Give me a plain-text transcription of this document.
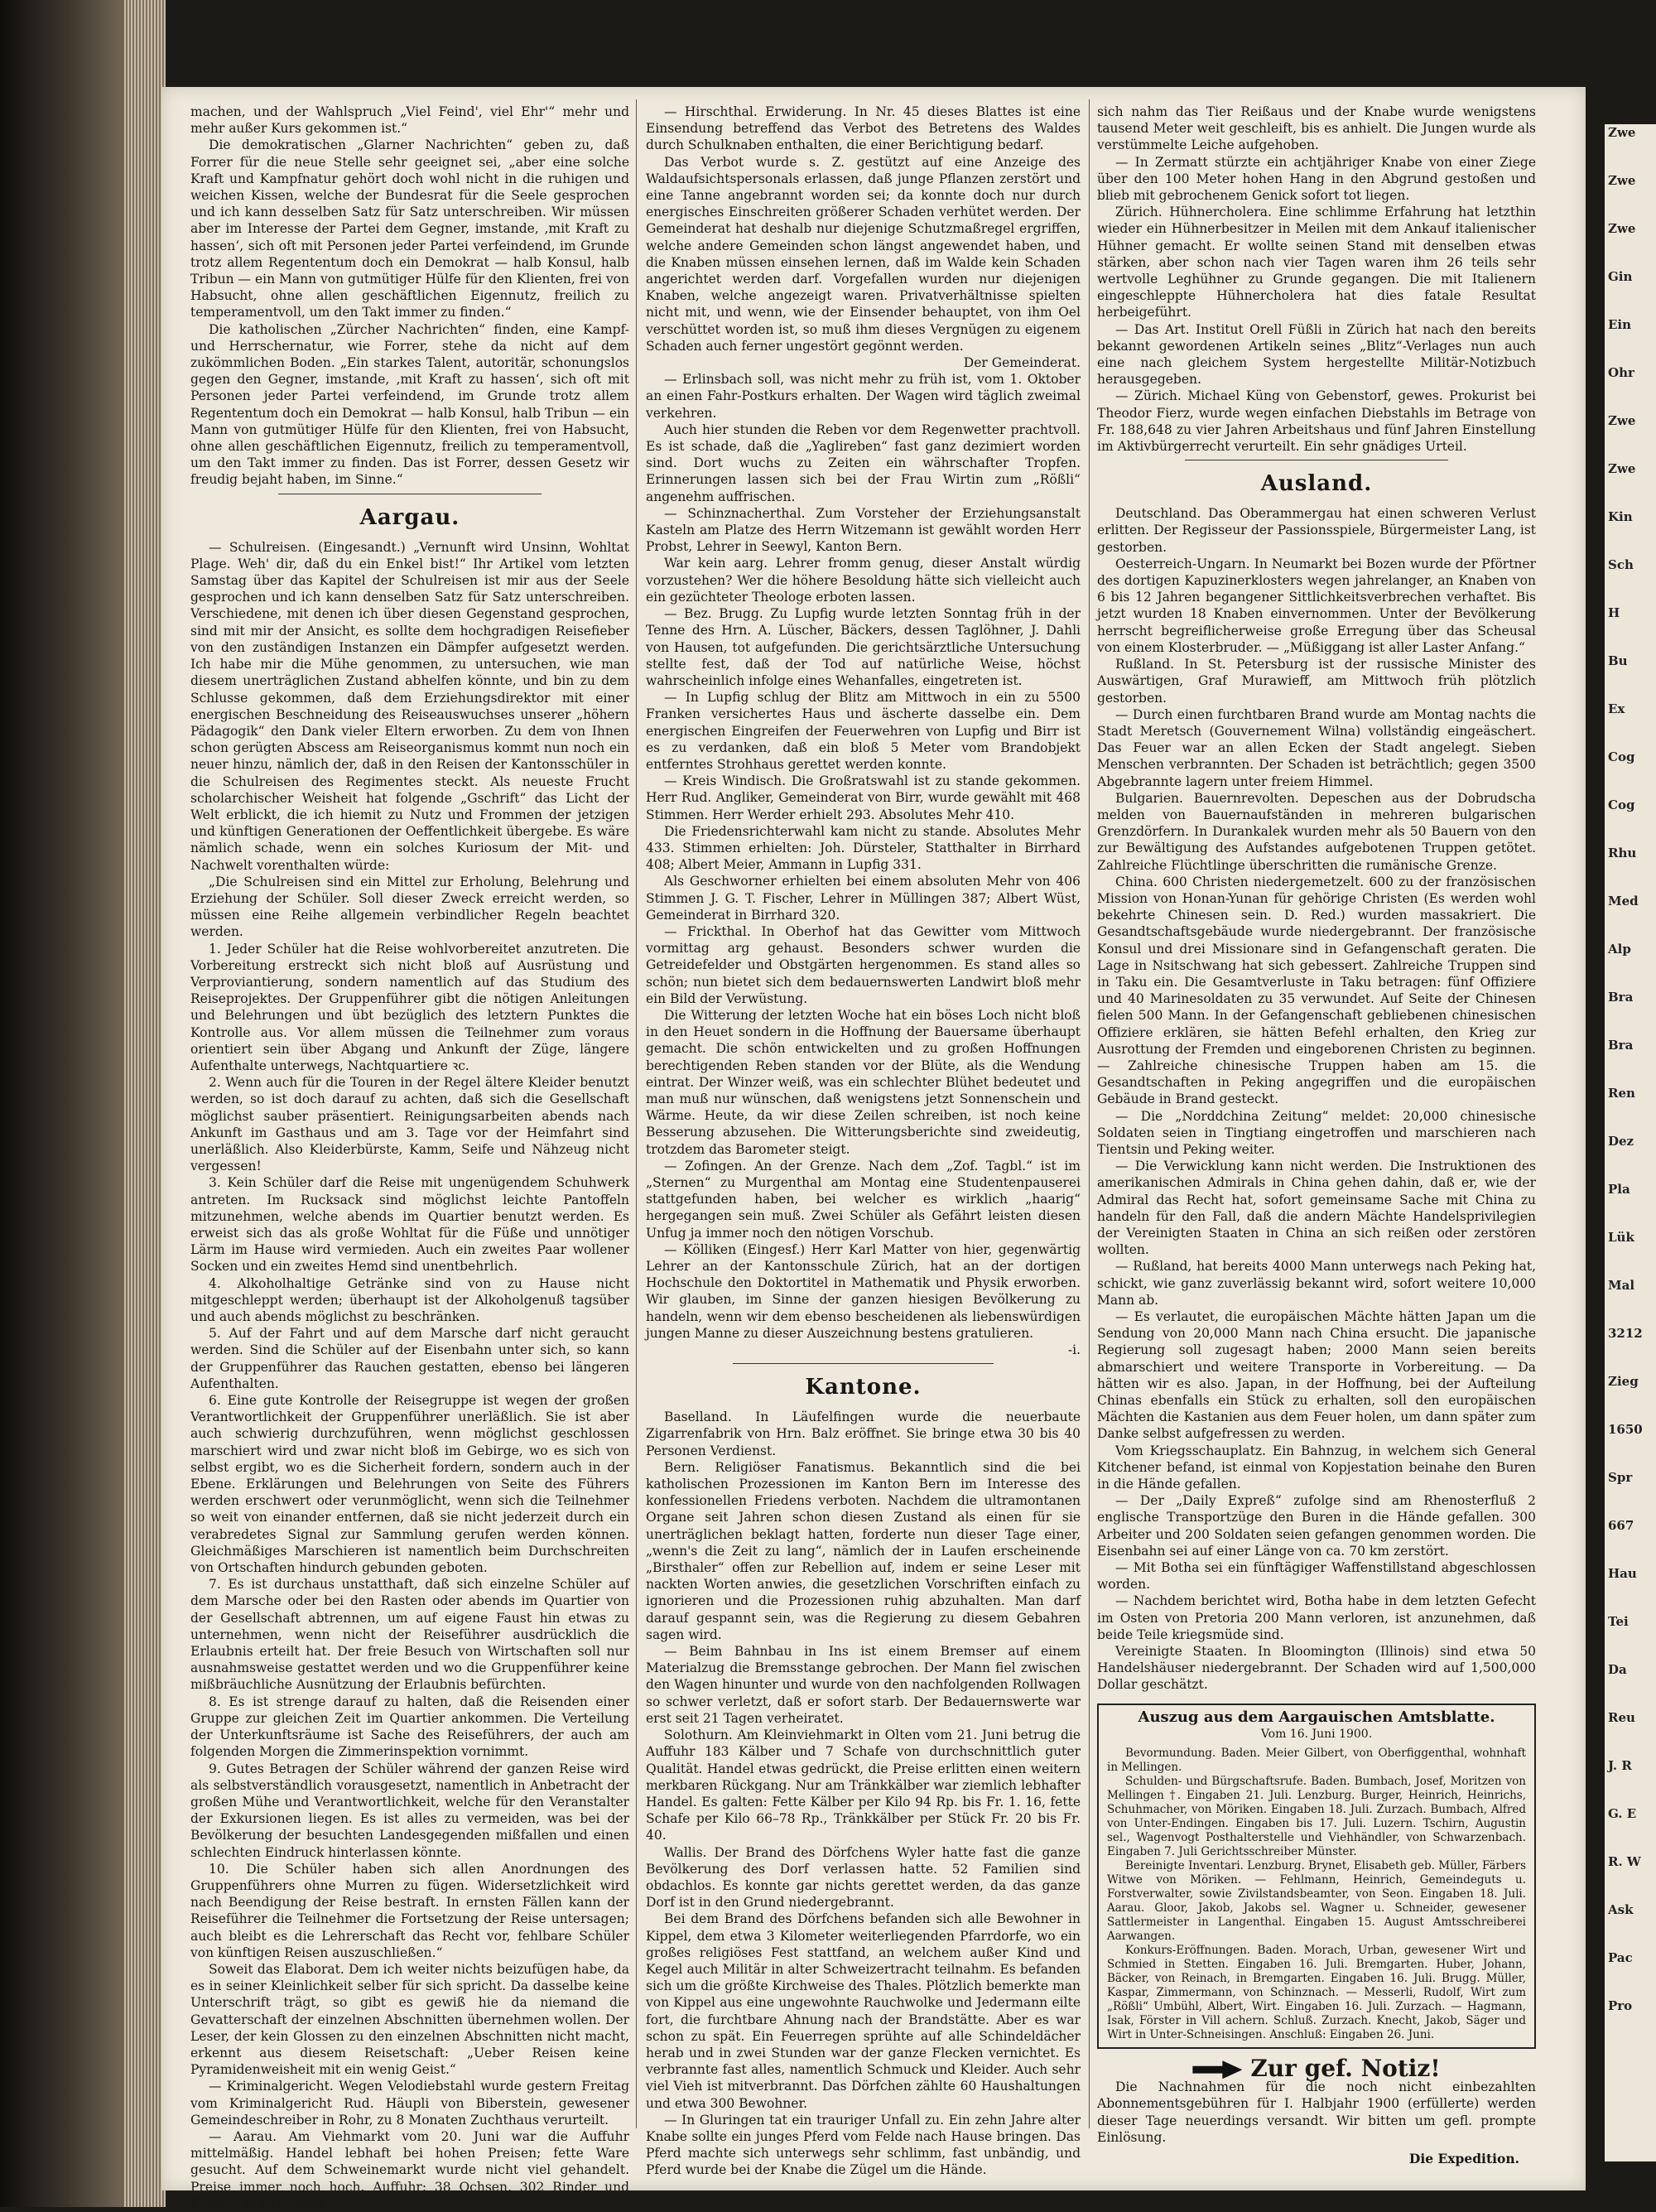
machen, und der Wahlspruch „Viel Feind', viel Ehr'“ mehr und mehr außer Kurs gekommen ist.“

Die demokratischen „Glarner Nachrichten“ geben zu, daß Forrer für die neue Stelle sehr geeignet sei, „aber eine solche Kraft und Kampfnatur gehört doch wohl nicht in die ruhigen und weichen Kissen, welche der Bundesrat für die Seele gesprochen und ich kann desselben Satz für Satz unterschreiben. Wir müssen aber im Interesse der Partei dem Gegner, imstande, ‚mit Kraft zu hassen‘, sich oft mit Personen jeder Partei verfeindend, im Grunde trotz allem Regententum doch ein Demokrat — halb Konsul, halb Tribun — ein Mann von gutmütiger Hülfe für den Klienten, frei von Habsucht, ohne allen geschäftlichen Eigennutz, freilich zu temperamentvoll, um den Takt immer zu finden.“

Die katholischen „Zürcher Nachrichten“ finden, eine Kampf- und Herrschernatur, wie Forrer, stehe da nicht auf dem zukömmlichen Boden. „Ein starkes Talent, autoritär, schonungslos gegen den Gegner, imstande, ‚mit Kraft zu hassen‘, sich oft mit Personen jeder Partei verfeindend, im Grunde trotz allem Regententum doch ein Demokrat — halb Konsul, halb Tribun — ein Mann von gutmütiger Hülfe für den Klienten, frei von Habsucht, ohne allen geschäftlichen Eigennutz, freilich zu temperamentvoll, um den Takt immer zu finden. Das ist Forrer, dessen Gesetz wir freudig bejaht haben, im Sinne.“

Aargau.

— Schulreisen. (Eingesandt.) „Vernunft wird Unsinn, Wohltat Plage. Weh' dir, daß du ein Enkel bist!“ Ihr Artikel vom letzten Samstag über das Kapitel der Schulreisen ist mir aus der Seele gesprochen und ich kann denselben Satz für Satz unterschreiben. Verschiedene, mit denen ich über diesen Gegenstand gesprochen, sind mit mir der Ansicht, es sollte dem hochgradigen Reisefieber von den zuständigen Instanzen ein Dämpfer aufgesetzt werden. Ich habe mir die Mühe genommen, zu untersuchen, wie man diesem unerträglichen Zustand abhelfen könnte, und bin zu dem Schlusse gekommen, daß dem Erziehungsdirektor mit einer energischen Beschneidung des Reiseauswuchses unserer „höhern Pädagogik“ den Dank vieler Eltern erworben. Zu dem von Ihnen schon gerügten Abscess am Reiseorganismus kommt nun noch ein neuer hinzu, nämlich der, daß in den Reisen der Kantonsschüler in die Schulreisen des Regimentes steckt. Als neueste Frucht scholarchischer Weisheit hat folgende „Gschrift“ das Licht der Welt erblickt, die ich hiemit zu Nutz und Frommen der jetzigen und künftigen Generationen der Oeffentlichkeit übergebe. Es wäre nämlich schade, wenn ein solches Kuriosum der Mit- und Nachwelt vorenthalten würde:

„Die Schulreisen sind ein Mittel zur Erholung, Belehrung und Erziehung der Schüler. Soll dieser Zweck erreicht werden, so müssen eine Reihe allgemein verbindlicher Regeln beachtet werden.

1. Jeder Schüler hat die Reise wohlvorbereitet anzutreten. Die Vorbereitung erstreckt sich nicht bloß auf Ausrüstung und Verproviantierung, sondern namentlich auf das Studium des Reiseprojektes. Der Gruppenführer gibt die nötigen Anleitungen und Belehrungen und übt bezüglich des letztern Punktes die Kontrolle aus. Vor allem müssen die Teilnehmer zum voraus orientiert sein über Abgang und Ankunft der Züge, längere Aufenthalte unterwegs, Nachtquartiere ꝛc.

2. Wenn auch für die Touren in der Regel ältere Kleider benutzt werden, so ist doch darauf zu achten, daß sich die Gesellschaft möglichst sauber präsentiert. Reinigungsarbeiten abends nach Ankunft im Gasthaus und am 3. Tage vor der Heimfahrt sind unerläßlich. Also Kleiderbürste, Kamm, Seife und Nähzeug nicht vergessen!

3. Kein Schüler darf die Reise mit ungenügendem Schuhwerk antreten. Im Rucksack sind möglichst leichte Pantoffeln mitzunehmen, welche abends im Quartier benutzt werden. Es erweist sich das als große Wohltat für die Füße und unnötiger Lärm im Hause wird vermieden. Auch ein zweites Paar wollener Socken und ein zweites Hemd sind unentbehrlich.

4. Alkoholhaltige Getränke sind von zu Hause nicht mitgeschleppt werden; überhaupt ist der Alkoholgenuß tagsüber und auch abends möglichst zu beschränken.

5. Auf der Fahrt und auf dem Marsche darf nicht geraucht werden. Sind die Schüler auf der Eisenbahn unter sich, so kann der Gruppenführer das Rauchen gestatten, ebenso bei längeren Aufenthalten.

6. Eine gute Kontrolle der Reisegruppe ist wegen der großen Verantwortlichkeit der Gruppenführer unerläßlich. Sie ist aber auch schwierig durchzuführen, wenn möglichst geschlossen marschiert wird und zwar nicht bloß im Gebirge, wo es sich von selbst ergibt, wo es die Sicherheit fordern, sondern auch in der Ebene. Erklärungen und Belehrungen von Seite des Führers werden erschwert oder verunmöglicht, wenn sich die Teilnehmer so weit von einander entfernen, daß sie nicht jederzeit durch ein verabredetes Signal zur Sammlung gerufen werden können. Gleichmäßiges Marschieren ist namentlich beim Durchschreiten von Ortschaften hindurch gebunden geboten.

7. Es ist durchaus unstatthaft, daß sich einzelne Schüler auf dem Marsche oder bei den Rasten oder abends im Quartier von der Gesellschaft abtrennen, um auf eigene Faust hin etwas zu unternehmen, wenn nicht der Reiseführer ausdrücklich die Erlaubnis erteilt hat. Der freie Besuch von Wirtschaften soll nur ausnahmsweise gestattet werden und wo die Gruppenführer keine mißbräuchliche Ausnützung der Erlaubnis befürchten.

8. Es ist strenge darauf zu halten, daß die Reisenden einer Gruppe zur gleichen Zeit im Quartier ankommen. Die Verteilung der Unterkunftsräume ist Sache des Reiseführers, der auch am folgenden Morgen die Zimmerinspektion vornimmt.

9. Gutes Betragen der Schüler während der ganzen Reise wird als selbstverständlich vorausgesetzt, namentlich in Anbetracht der großen Mühe und Verantwortlichkeit, welche für den Veranstalter der Exkursionen liegen. Es ist alles zu vermeiden, was bei der Bevölkerung der besuchten Landesgegenden mißfallen und einen schlechten Eindruck hinterlassen könnte.

10. Die Schüler haben sich allen Anordnungen des Gruppenführers ohne Murren zu fügen. Widersetzlichkeit wird nach Beendigung der Reise bestraft. In ernsten Fällen kann der Reiseführer die Teilnehmer die Fortsetzung der Reise untersagen; auch bleibt es die Lehrerschaft das Recht vor, fehlbare Schüler von künftigen Reisen auszuschließen.“

Soweit das Elaborat. Dem ich weiter nichts beizufügen habe, da es in seiner Kleinlichkeit selber für sich spricht. Da dasselbe keine Unterschrift trägt, so gibt es gewiß hie da niemand die Gevatterschaft der einzelnen Abschnitten übernehmen wollen. Der Leser, der kein Glossen zu den einzelnen Abschnitten nicht macht, erkennt aus diesem Reisetschaft: „Ueber Reisen keine Pyramidenweisheit mit ein wenig Geist.“

— Kriminalgericht. Wegen Velodiebstahl wurde gestern Freitag vom Kriminalgericht Rud. Häupli von Biberstein, gewesener Gemeindeschreiber in Rohr, zu 8 Monaten Zuchthaus verurteilt.

— Aarau. Am Viehmarkt vom 20. Juni war die Auffuhr mittelmäßig. Handel lebhaft bei hohen Preisen; fette Ware gesucht. Auf dem Schweinemarkt wurde nicht viel gehandelt. Preise immer noch hoch. Auffuhr: 38 Ochsen, 302 Rinder und Kühe, 339 Schweine.

— Hirschthal. Erwiderung. In Nr. 45 dieses Blattes ist eine Einsendung betreffend das Verbot des Betretens des Waldes durch Schulknaben enthalten, die einer Berichtigung bedarf.

Das Verbot wurde s. Z. gestützt auf eine Anzeige des Waldaufsichtspersonals erlassen, daß junge Pflanzen zerstört und eine Tanne angebrannt worden sei; da konnte doch nur durch energisches Einschreiten größerer Schaden verhütet werden. Der Gemeinderat hat deshalb nur diejenige Schutzmaßregel ergriffen, welche andere Gemeinden schon längst angewendet haben, und die Knaben müssen einsehen lernen, daß im Walde kein Schaden angerichtet werden darf. Vorgefallen wurden nur diejenigen Knaben, welche angezeigt waren. Privatverhältnisse spielten nicht mit, und wenn, wie der Einsender behauptet, von ihm Oel verschüttet worden ist, so muß ihm dieses Vergnügen zu eigenem Schaden auch ferner ungestört gegönnt werden.

Der Gemeinderat.

— Erlinsbach soll, was nicht mehr zu früh ist, vom 1. Oktober an einen Fahr-Postkurs erhalten. Der Wagen wird täglich zweimal verkehren.

Auch hier stunden die Reben vor dem Regenwetter prachtvoll. Es ist schade, daß die „Yaglireben“ fast ganz dezimiert worden sind. Dort wuchs zu Zeiten ein währschafter Tropfen. Erinnerungen lassen sich bei der Frau Wirtin zum „Rößli“ angenehm auffrischen.

— Schinznacherthal. Zum Vorsteher der Erziehungsanstalt Kasteln am Platze des Herrn Witzemann ist gewählt worden Herr Probst, Lehrer in Seewyl, Kanton Bern.

War kein aarg. Lehrer fromm genug, dieser Anstalt würdig vorzustehen? Wer die höhere Besoldung hätte sich vielleicht auch ein gezüchteter Theologe erboten lassen.

— Bez. Brugg. Zu Lupfig wurde letzten Sonntag früh in der Tenne des Hrn. A. Lüscher, Bäckers, dessen Taglöhner, J. Dahli von Hausen, tot aufgefunden. Die gerichtsärztliche Untersuchung stellte fest, daß der Tod auf natürliche Weise, höchst wahrscheinlich infolge eines Wehanfalles, eingetreten ist.

— In Lupfig schlug der Blitz am Mittwoch in ein zu 5500 Franken versichertes Haus und äscherte dasselbe ein. Dem energischen Eingreifen der Feuerwehren von Lupfig und Birr ist es zu verdanken, daß ein bloß 5 Meter vom Brandobjekt entferntes Strohhaus gerettet werden konnte.

— Kreis Windisch. Die Großratswahl ist zu stande gekommen. Herr Rud. Angliker, Gemeinderat von Birr, wurde gewählt mit 468 Stimmen. Herr Werder erhielt 293. Absolutes Mehr 410.

Die Friedensrichterwahl kam nicht zu stande. Absolutes Mehr 433. Stimmen erhielten: Joh. Dürsteler, Statthalter in Birrhard 408; Albert Meier, Ammann in Lupfig 331.

Als Geschworner erhielten bei einem absoluten Mehr von 406 Stimmen J. G. T. Fischer, Lehrer in Müllingen 387; Albert Wüst, Gemeinderat in Birrhard 320.

— Frickthal. In Oberhof hat das Gewitter vom Mittwoch vormittag arg gehaust. Besonders schwer wurden die Getreidefelder und Obstgärten hergenommen. Es stand alles so schön; nun bietet sich dem bedauernswerten Landwirt bloß mehr ein Bild der Verwüstung.

Die Witterung der letzten Woche hat ein böses Loch nicht bloß in den Heuet sondern in die Hoffnung der Bauersame überhaupt gemacht. Die schön entwickelten und zu großen Hoffnungen berechtigenden Reben standen vor der Blüte, als die Wendung eintrat. Der Winzer weiß, was ein schlechter Blühet bedeutet und man muß nur wünschen, daß wenigstens jetzt Sonnenschein und Wärme. Heute, da wir diese Zeilen schreiben, ist noch keine Besserung abzusehen. Die Witterungsberichte sind zweideutig, trotzdem das Barometer steigt.

— Zofingen. An der Grenze. Nach dem „Zof. Tagbl.“ ist im „Sternen“ zu Murgenthal am Montag eine Studentenpauserei stattgefunden haben, bei welcher es wirklich „haarig“ hergegangen sein muß. Zwei Schüler als Gefährt leisten diesen Unfug ja immer noch den nötigen Vorschub.

— Kölliken (Eingesf.) Herr Karl Matter von hier, gegenwärtig Lehrer an der Kantonsschule Zürich, hat an der dortigen Hochschule den Doktortitel in Mathematik und Physik erworben. Wir glauben, im Sinne der ganzen hiesigen Bevölkerung zu handeln, wenn wir dem ebenso bescheidenen als liebenswürdigen jungen Manne zu dieser Auszeichnung bestens gratulieren.

-i.

Kantone.

Baselland. In Läufelfingen wurde die neuerbaute Zigarrenfabrik von Hrn. Balz eröffnet. Sie bringe etwa 30 bis 40 Personen Verdienst.

Bern. Religiöser Fanatismus. Bekanntlich sind die bei katholischen Prozessionen im Kanton Bern im Interesse des konfessionellen Friedens verboten. Nachdem die ultramontanen Organe seit Jahren schon diesen Zustand als einen für sie unerträglichen beklagt hatten, forderte nun dieser Tage einer, „wenn's die Zeit zu lang“, nämlich der in Laufen erscheinende „Birsthaler“ offen zur Rebellion auf, indem er seine Leser mit nackten Worten anwies, die gesetzlichen Vorschriften einfach zu ignorieren und die Prozessionen ruhig abzuhalten. Man darf darauf gespannt sein, was die Regierung zu diesem Gebahren sagen wird.

— Beim Bahnbau in Ins ist einem Bremser auf einem Materialzug die Bremsstange gebrochen. Der Mann fiel zwischen den Wagen hinunter und wurde von den nachfolgenden Rollwagen so schwer verletzt, daß er sofort starb. Der Bedauernswerte war erst seit 21 Tagen verheiratet.

Solothurn. Am Kleinviehmarkt in Olten vom 21. Juni betrug die Auffuhr 183 Kälber und 7 Schafe von durchschnittlich guter Qualität. Handel etwas gedrückt, die Preise erlitten einen weitern merkbaren Rückgang. Nur am Tränkkälber war ziemlich lebhafter Handel. Es galten: Fette Kälber per Kilo 94 Rp. bis Fr. 1. 16, fette Schafe per Kilo 66–78 Rp., Tränkkälber per Stück Fr. 20 bis Fr. 40.

Wallis. Der Brand des Dörfchens Wyler hatte fast die ganze Bevölkerung des Dorf verlassen hatte. 52 Familien sind obdachlos. Es konnte gar nichts gerettet werden, da das ganze Dorf ist in den Grund niedergebrannt.

Bei dem Brand des Dörfchens befanden sich alle Bewohner in Kippel, dem etwa 3 Kilometer weiterliegenden Pfarrdorfe, wo ein großes religiöses Fest stattfand, an welchem außer Kind und Kegel auch Militär in alter Schweizertracht teilnahm. Es befanden sich um die größte Kirchweise des Thales. Plötzlich bemerkte man von Kippel aus eine ungewohnte Rauchwolke und Jedermann eilte fort, die furchtbare Ahnung nach der Brandstätte. Aber es war schon zu spät. Ein Feuerregen sprühte auf alle Schindeldächer herab und in zwei Stunden war der ganze Flecken vernichtet. Es verbrannte fast alles, namentlich Schmuck und Kleider. Auch sehr viel Vieh ist mitverbrannt. Das Dörfchen zählte 60 Haushaltungen und etwa 300 Bewohner.

— In Gluringen tat ein trauriger Unfall zu. Ein zehn Jahre alter Knabe sollte ein junges Pferd vom Felde nach Hause bringen. Das Pferd machte sich unterwegs sehr schlimm, fast unbändig, und Pferd wurde bei der Knabe die Zügel um die Hände.

sich nahm das Tier Reißaus und der Knabe wurde wenigstens tausend Meter weit geschleift, bis es anhielt. Die Jungen wurde als verstümmelte Leiche aufgehoben.

— In Zermatt stürzte ein achtjähriger Knabe von einer Ziege über den 100 Meter hohen Hang in den Abgrund gestoßen und blieb mit gebrochenem Genick sofort tot liegen.

Zürich. Hühnercholera. Eine schlimme Erfahrung hat letzthin wieder ein Hühnerbesitzer in Meilen mit dem Ankauf italienischer Hühner gemacht. Er wollte seinen Stand mit denselben etwas stärken, aber schon nach vier Tagen waren ihm 26 teils sehr wertvolle Leghühner zu Grunde gegangen. Die mit Italienern eingeschleppte Hühnercholera hat dies fatale Resultat herbeigeführt.

— Das Art. Institut Orell Füßli in Zürich hat nach den bereits bekannt gewordenen Artikeln seines „Blitz“-Verlages nun auch eine nach gleichem System hergestellte Militär-Notizbuch herausgegeben.

— Zürich. Michael Küng von Gebenstorf, gewes. Prokurist bei Theodor Fierz, wurde wegen einfachen Diebstahls im Betrage von Fr. 188,648 zu vier Jahren Arbeitshaus und fünf Jahren Einstellung im Aktivbürgerrecht verurteilt. Ein sehr gnädiges Urteil.

Ausland.

Deutschland. Das Oberammergau hat einen schweren Verlust erlitten. Der Regisseur der Passionsspiele, Bürgermeister Lang, ist gestorben.

Oesterreich-Ungarn. In Neumarkt bei Bozen wurde der Pförtner des dortigen Kapuzinerklosters wegen jahrelanger, an Knaben von 6 bis 12 Jahren begangener Sittlichkeitsverbrechen verhaftet. Bis jetzt wurden 18 Knaben einvernommen. Unter der Bevölkerung herrscht begreiflicherweise große Erregung über das Scheusal von einem Klosterbruder. — „Müßiggang ist aller Laster Anfang.“

Rußland. In St. Petersburg ist der russische Minister des Auswärtigen, Graf Murawieff, am Mittwoch früh plötzlich gestorben.

— Durch einen furchtbaren Brand wurde am Montag nachts die Stadt Meretsch (Gouvernement Wilna) vollständig eingeäschert. Das Feuer war an allen Ecken der Stadt angelegt. Sieben Menschen verbrannten. Der Schaden ist beträchtlich; gegen 3500 Abgebrannte lagern unter freiem Himmel.

Bulgarien. Bauernrevolten. Depeschen aus der Dobrudscha melden von Bauernaufständen in mehreren bulgarischen Grenzdörfern. In Durankalek wurden mehr als 50 Bauern von den zur Bewältigung des Aufstandes aufgebotenen Truppen getötet. Zahlreiche Flüchtlinge überschritten die rumänische Grenze.

China. 600 Christen niedergemetzelt. 600 zu der französischen Mission von Honan-Yunan für gehörige Christen (Es werden wohl bekehrte Chinesen sein. D. Red.) wurden massakriert. Die Gesandtschaftsgebäude wurde niedergebrannt. Der französische Konsul und drei Missionare sind in Gefangenschaft geraten. Die Lage in Nsitschwang hat sich gebessert. Zahlreiche Truppen sind in Taku ein. Die Gesamtverluste in Taku betragen: fünf Offiziere und 40 Marinesoldaten zu 35 verwundet. Auf Seite der Chinesen fielen 500 Mann. In der Gefangenschaft gebliebenen chinesischen Offiziere erklären, sie hätten Befehl erhalten, den Krieg zur Ausrottung der Fremden und eingeborenen Christen zu beginnen. — Zahlreiche chinesische Truppen haben am 15. die Gesandtschaften in Peking angegriffen und die europäischen Gebäude in Brand gesteckt.

— Die „Norddchina Zeitung“ meldet: 20,000 chinesische Soldaten seien in Tingtiang eingetroffen und marschieren nach Tientsin und Peking weiter.

— Die Verwicklung kann nicht werden. Die Instruktionen des amerikanischen Admirals in China gehen dahin, daß er, wie der Admiral das Recht hat, sofort gemeinsame Sache mit China zu handeln für den Fall, daß die andern Mächte Handelsprivilegien der Vereinigten Staaten in China an sich reißen oder zerstören wollten.

— Rußland, hat bereits 4000 Mann unterwegs nach Peking hat, schickt, wie ganz zuverlässig bekannt wird, sofort weitere 10,000 Mann ab.

— Es verlautet, die europäischen Mächte hätten Japan um die Sendung von 20,000 Mann nach China ersucht. Die japanische Regierung soll zugesagt haben; 2000 Mann seien bereits abmarschiert und weitere Transporte in Vorbereitung. — Da hätten wir es also. Japan, in der Hoffnung, bei der Aufteilung Chinas ebenfalls ein Stück zu erhalten, soll den europäischen Mächten die Kastanien aus dem Feuer holen, um dann später zum Danke selbst aufgefressen zu werden.

Vom Kriegsschauplatz. Ein Bahnzug, in welchem sich General Kitchener befand, ist einmal von Kopjestation beinahe den Buren in die Hände gefallen.

— Der „Daily Expreß“ zufolge sind am Rhenosterfluß 2 englische Transportzüge den Buren in die Hände gefallen. 300 Arbeiter und 200 Soldaten seien gefangen genommen worden. Die Eisenbahn sei auf einer Länge von ca. 70 km zerstört.

— Mit Botha sei ein fünftägiger Waffenstillstand abgeschlossen worden.

— Nachdem berichtet wird, Botha habe in dem letzten Gefecht im Osten von Pretoria 200 Mann verloren, ist anzunehmen, daß beide Teile kriegsmüde sind.

Vereinigte Staaten. In Bloomington (Illinois) sind etwa 50 Handelshäuser niedergebrannt. Der Schaden wird auf 1,500,000 Dollar geschätzt.

Auszug aus dem Aargauischen Amtsblatte.
Vom 16. Juni 1900.

Bevormundung. Baden. Meier Gilbert, von Oberfiggenthal, wohnhaft in Mellingen.

Schulden- und Bürgschaftsrufe. Baden. Bumbach, Josef, Moritzen von Mellingen †. Eingaben 21. Juli. Lenzburg. Burger, Heinrich, Heinrichs, Schuhmacher, von Möriken. Eingaben 18. Juli. Zurzach. Bumbach, Alfred von Unter-Endingen. Eingaben bis 17. Juli. Luzern. Tschirn, Augustin sel., Wagenvogt Posthalterstelle und Viehhändler, von Schwarzenbach. Eingaben 7. Juli Gerichtsschreiber Münster.

Bereinigte Inventari. Lenzburg. Brynet, Elisabeth geb. Müller, Färbers Witwe von Möriken. — Fehlmann, Heinrich, Gemeindeguts u. Forstverwalter, sowie Zivilstandsbeamter, von Seon. Eingaben 18. Juli. Aarau. Gloor, Jakob, Jakobs sel. Wagner u. Schneider, gewesener Sattlermeister in Langenthal. Eingaben 15. August Amtsschreiberei Aarwangen.

Konkurs-Eröffnungen. Baden. Morach, Urban, gewesener Wirt und Schmied in Stetten. Eingaben 16. Juli. Bremgarten. Huber, Johann, Bäcker, von Reinach, in Bremgarten. Eingaben 16. Juli. Brugg. Müller, Kaspar, Zimmermann, von Schinznach. — Messerli, Rudolf, Wirt zum „Rößli“ Umbühl, Albert, Wirt. Eingaben 16. Juli. Zurzach. — Hagmann, Isak, Förster in Vill achern. Schluß. Zurzach. Knecht, Jakob, Säger und Wirt in Unter-Schneisingen. Anschluß: Eingaben 26. Juni.

Zur gef. Notiz!

Die Nachnahmen für die noch nicht einbezahlten Abonnementsgebühren für I. Halbjahr 1900 (erfüllerte) werden dieser Tage neuerdings versandt. Wir bitten um gefl. prompte Einlösung.

Die Expedition.
Zwe
Zwe
Zwe
Gin
Ein
Ohr
Zwe
Zwe
Kin
Sch
H
Bu
Ex
Cog
Cog
Rhu
Med
Alp
Bra
Bra
Ren
Dez
Pla
Lük
Mal
3212
Zieg
1650
Spr
667
Hau
Tei
Da
Reu
J. R
G. E
R. W
Ask
Pac
Pro
